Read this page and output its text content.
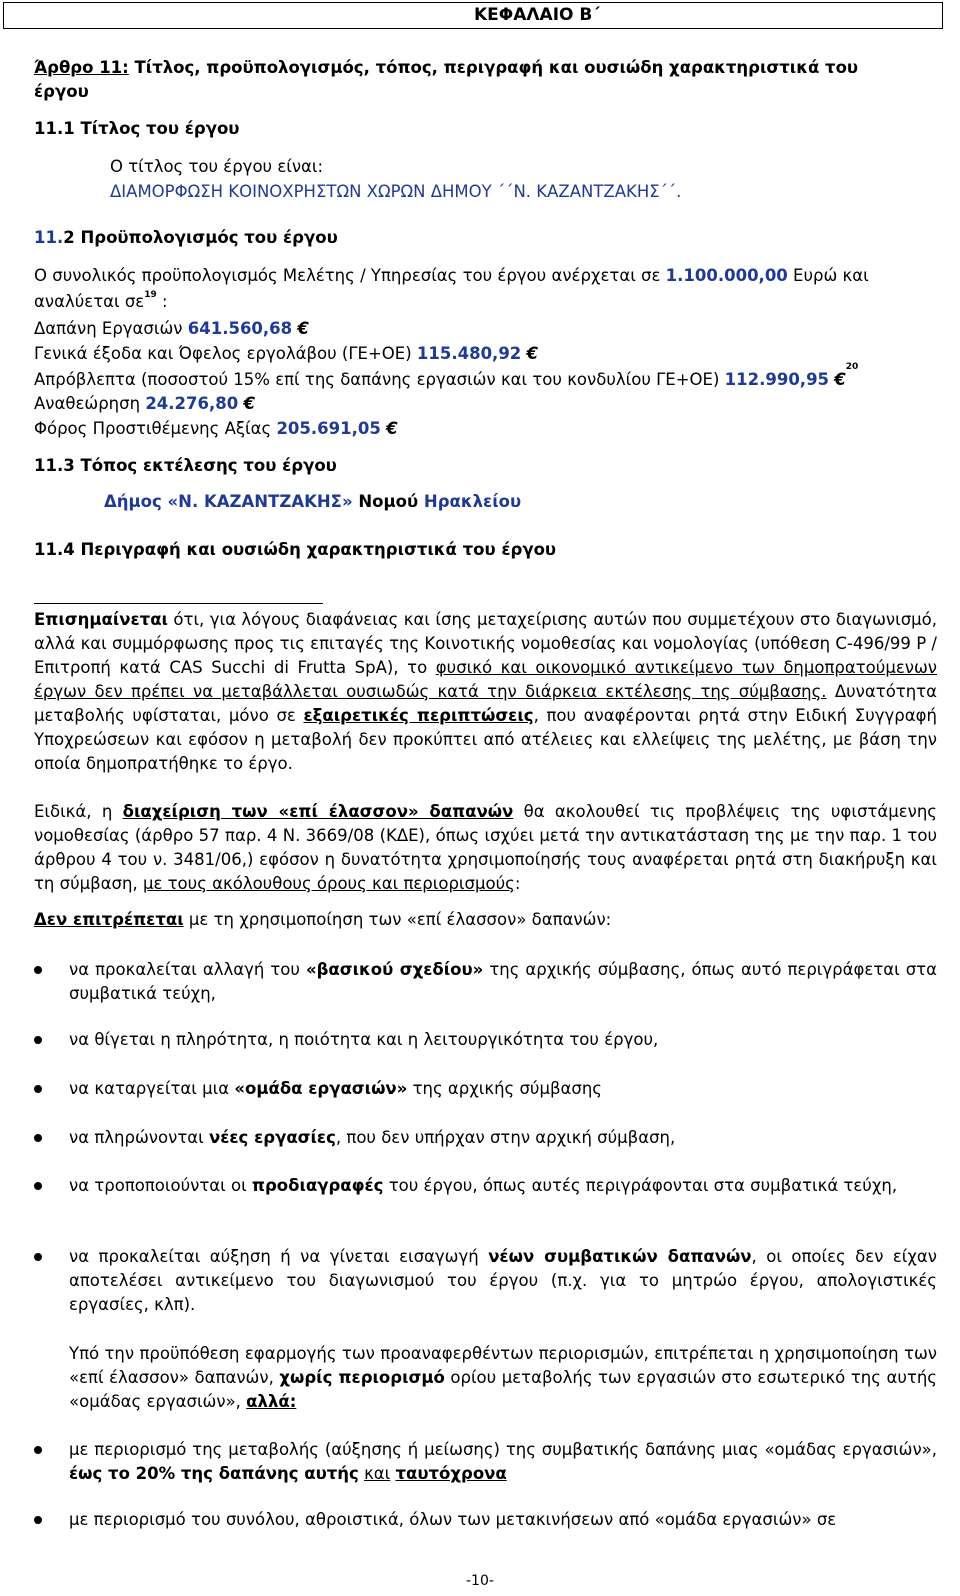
ΚΕΦΑΛΑΙΟ Β΄
Άρθρο 11: Τίτλος, προϋπολογισμός, τόπος, περιγραφή και ουσιώδη χαρακτηριστικά του
έργου
11.1 Τίτλος του έργου
Ο τίτλος του έργου είναι:
ΔΙΑΜΟΡΦΩΣΗ ΚΟΙΝΟΧΡΗΣΤΩΝ ΧΩΡΩΝ ΔΗΜΟΥ ΄΄Ν. ΚΑΖΑΝΤΖΑΚΗΣ΄΄.
11.2 Προϋπολογισμός του έργου
Ο συνολικός προϋπολογισμός Μελέτης / Υπηρεσίας του έργου ανέρχεται σε 1.100.000,00 Ευρώ και
αναλύεται $\sigma\varepsilon^{19}$ :
Δαπάνη Εργασιών 641.560,68 €
Γενικά έξοδα και Όφελος εργολάβου (ΓΕ+ΟΕ) 115.480,92 €
Απρόβλεπτα (ποσοστού 15% επί της δαπάνης εργασιών και του κονδυλίου ΓΕ+ΟΕ) 112.990,95 €$^{20}$
Αναθεώρηση 24.276,80 €
Φόρος Προστιθέμενης Αξίας 205.691,05 €
11.3 Τόπος εκτέλεσης του έργου
Δήμος «Ν. ΚΑΖΑΝΤΖΑΚΗΣ» Νομού Ηρακλείου
11.4 Περιγραφή και ουσιώδη χαρακτηριστικά του έργου
Επισημαίνεται ότι, για λόγους διαφάνειας και ίσης μεταχείρισης αυτών που συμμετέχουν στο διαγωνισμό, αλλά και συμμόρφωσης προς τις επιταγές της Κοινοτικής νομοθεσίας και νομολογίας (υπόθεση C-496/99 P / Επιτροπή κατά CAS Succhi di Frutta SpA), το φυσικό και οικονομικό αντικείμενο των δημοπρατούμενων έργων δεν πρέπει να μεταβάλλεται ουσιωδώς κατά την διάρκεια εκτέλεσης της σύμβασης. Δυνατότητα μεταβολής υφίσταται, μόνο σε εξαιρετικές περιπτώσεις, που αναφέρονται ρητά στην Ειδική Συγγραφή Υποχρεώσεων και εφόσον η μεταβολή δεν προκύπτει από ατέλειες και ελλείψεις της μελέτης, με βάση την οποία δημοπρατήθηκε το έργο.
Ειδικά, η διαχείριση των «επί έλασσον» δαπανών θα ακολουθεί τις προβλέψεις της υφιστάμενης νομοθεσίας (άρθρο 57 παρ. 4 Ν. 3669/08 (ΚΔΕ), όπως ισχύει μετά την αντικατάσταση της με την παρ. 1 του άρθρου 4 του ν. 3481/06,) εφόσον η δυνατότητα χρησιμοποίησής τους αναφέρεται ρητά στη διακήρυξη και τη σύμβαση, με τους ακόλουθους όρους και περιορισμούς:
Δεν επιτρέπεται με τη χρησιμοποίηση των «επί έλασσον» δαπανών:
να προκαλείται αλλαγή του «βασικού σχεδίου» της αρχικής σύμβασης, όπως αυτό περιγράφεται στα συμβατικά τεύχη,
να θίγεται η πληρότητα, η ποιότητα και η λειτουργικότητα του έργου,
να καταργείται μια «ομάδα εργασιών» της αρχικής σύμβασης
να πληρώνονται νέες εργασίες, που δεν υπήρχαν στην αρχική σύμβαση,
να τροποποιούνται οι προδιαγραφές του έργου, όπως αυτές περιγράφονται στα συμβατικά τεύχη,
να προκαλείται αύξηση ή να γίνεται εισαγωγή νέων συμβατικών δαπανών, οι οποίες δεν είχαν αποτελέσει αντικείμενο του διαγωνισμού του έργου (π.χ. για το μητρώο έργου, απολογιστικές εργασίες, κλπ).
Υπό την προϋπόθεση εφαρμογής των προαναφερθέντων περιορισμών, επιτρέπεται η χρησιμοποίηση των «επί έλασσον» δαπανών, χωρίς περιορισμό ορίου μεταβολής των εργασιών στο εσωτερικό της αυτής «ομάδας εργασιών», αλλά:
με περιορισμό της μεταβολής (αύξησης ή μείωσης) της συμβατικής δαπάνης μιας «ομάδας εργασιών», έως το 20% της δαπάνης αυτής και ταυτόχρονα
με περιορισμό του συνόλου, αθροιστικά, όλων των μετακινήσεων από «ομάδα εργασιών» σε
-10-
